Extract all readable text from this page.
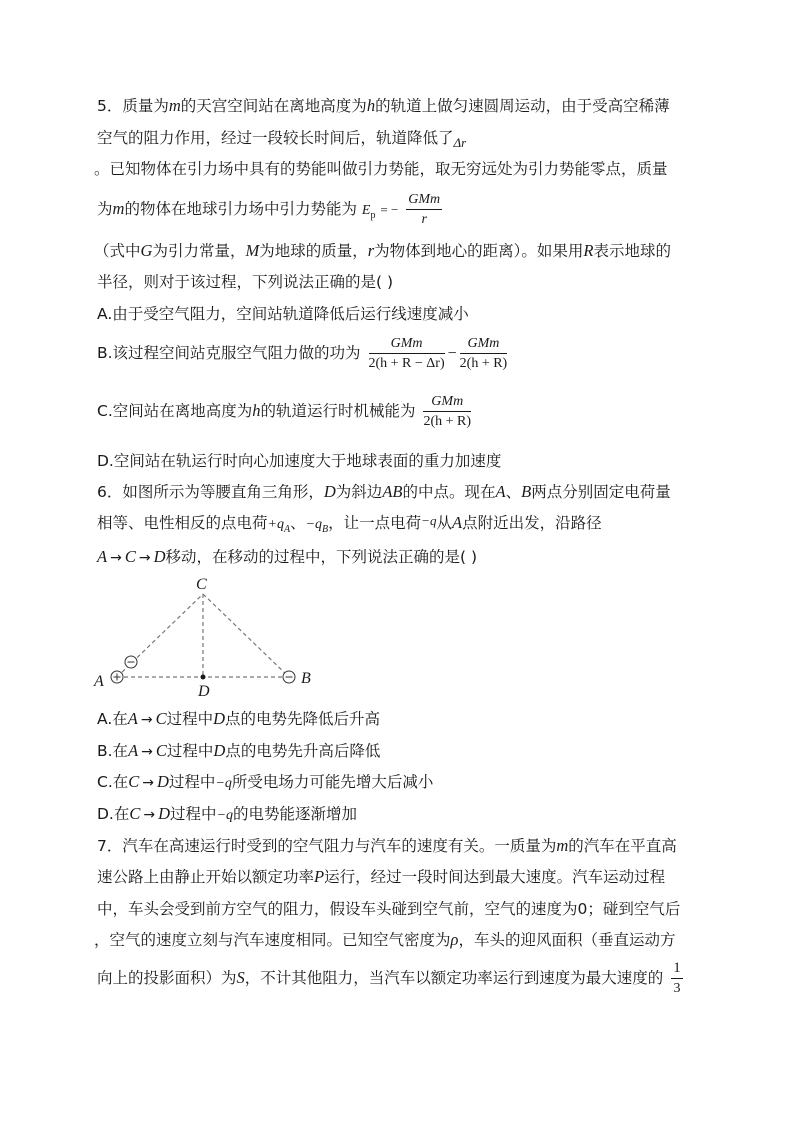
5．质量为m的天宫空间站在离地高度为h的轨道上做匀速圆周运动，由于受高空稀薄
空气的阻力作用，经过一段较长时间后，轨道降低了$_{\Delta r}$
。已知物体在引力场中具有的势能叫做引力势能，取无穷远处为引力势能零点，质量
为m的物体在地球引力场中引力势能为 $E_p$ = − $\frac{\text{GMm}}{r}$
（式中G为引力常量，M为地球的质量，r为物体到地心的距离）。如果用R表示地球的
半径，则对于该过程，下列说法正确的是( )
A.由于受空气阻力，空间站轨道降低后运行线速度减小
B.该过程空间站克服空气阻力做的功为 $\frac{\text{GMm}}{2(h + R - \Delta r)} - \frac{\text{GMm}}{2(h + R)}$
C.空间站在离地高度为h的轨道运行时机械能为 $\frac{\text{GMm}}{2(h + R)}$
D.空间站在轨运行时向心加速度大于地球表面的重力加速度
6．如图所示为等腰直角三角形，D为斜边AB的中点。现在A、B两点分别固定电荷量
相等、电性相反的点电荷$+q_A$、$-q_B$，让一点电荷−q从A点附近出发，沿路径
A → C → D移动，在移动的过程中，下列说法正确的是( )
C
A	B
D
A.在A → C过程中D点的电势先降低后升高
B.在A → C过程中D点的电势先升高后降低
C.在C → D过程中−q所受电场力可能先增大后减小
D.在C → D过程中−q的电势能逐渐增加
7．汽车在高速运行时受到的空气阻力与汽车的速度有关。一质量为m的汽车在平直高
速公路上由静止开始以额定功率P运行，经过一段时间达到最大速度。汽车运动过程
中，车头会受到前方空气的阻力，假设车头碰到空气前，空气的速度为0；碰到空气后
，空气的速度立刻与汽车速度相同。已知空气密度为ρ，车头的迎风面积（垂直运动方
向上的投影面积）为S，不计其他阻力，当汽车以额定功率运行到速度为最大速度的 $\frac{1}{3}$
